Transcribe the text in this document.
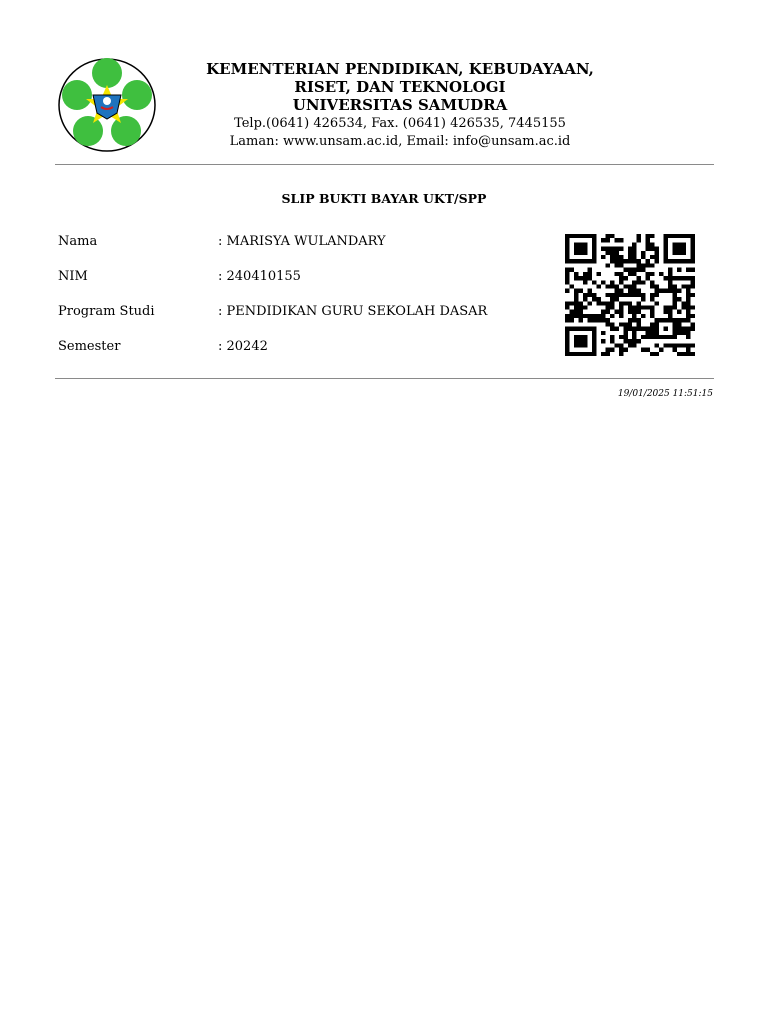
KEMENTERIAN PENDIDIKAN, KEBUDAYAAN,
RISET, DAN TEKNOLOGI
UNIVERSITAS SAMUDRA
Telp.(0641) 426534, Fax. (0641) 426535, 7445155
Laman: www.unsam.ac.id, Email: info@unsam.ac.id
SLIP BUKTI BAYAR UKT/SPP
Nama	: MARISYA WULANDARY
NIM	: 240410155
Program Studi	: PENDIDIKAN GURU SEKOLAH DASAR
Semester	: 20242
19/01/2025 11:51:15
